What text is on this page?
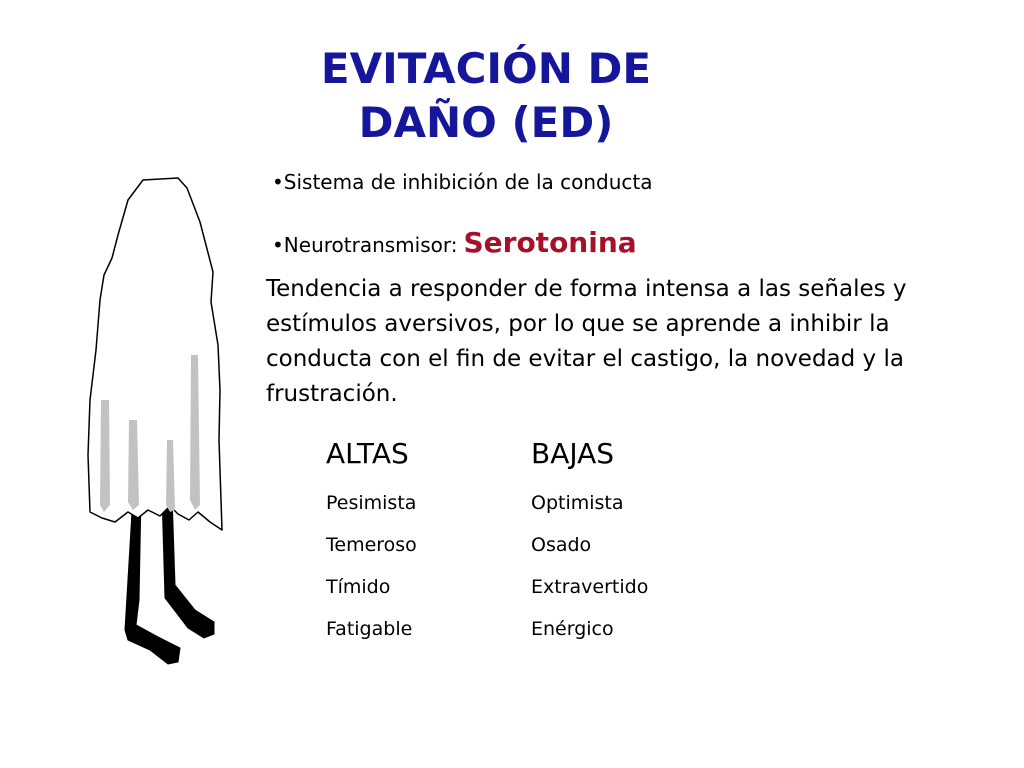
EVITACIÓN DE
DAÑO (ED)
•Sistema de inhibición de la conducta
•Neurotransmisor: Serotonina

Tendencia a responder de forma intensa a las señales y estímulos aversivos, por lo que se aprende a inhibir la conducta con el fin de evitar el castigo, la novedad y la frustración.

ALTAS

Pesimista
Temeroso
Tímido
Fatigable

BAJAS

Optimista
Osado
Extravertido
Enérgico
